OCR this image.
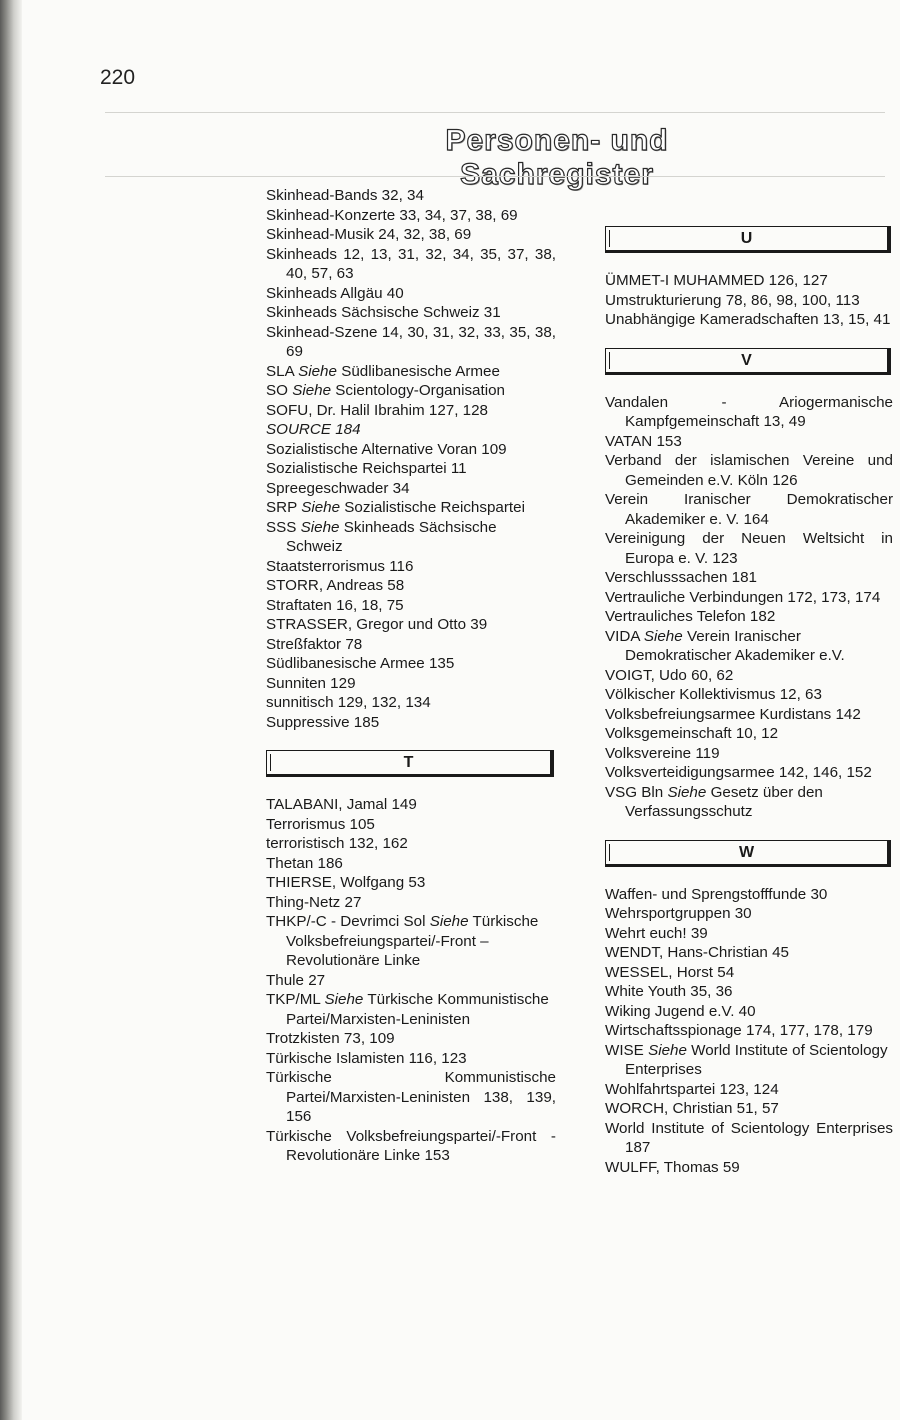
220
Personen- und Sachregister
Skinhead-Bands 32, 34
Skinhead-Konzerte 33, 34, 37, 38, 69
Skinhead-Musik 24, 32, 38, 69
Skinheads 12, 13, 31, 32, 34, 35, 37, 38, 40, 57, 63
Skinheads Allgäu 40
Skinheads Sächsische Schweiz 31
Skinhead-Szene 14, 30, 31, 32, 33, 35, 38, 69
SLA Siehe Südlibanesische Armee
SO Siehe Scientology-Organisation
SOFU, Dr. Halil Ibrahim 127, 128
SOURCE 184
Sozialistische Alternative Voran 109
Sozialistische Reichspartei 11
Spreegeschwader 34
SRP Siehe Sozialistische Reichspartei
SSS Siehe Skinheads Sächsische Schweiz
Staatsterrorismus 116
STORR, Andreas 58
Straftaten 16, 18, 75
STRASSER, Gregor und Otto 39
Streßfaktor 78
Südlibanesische Armee 135
Sunniten 129
sunnitisch 129, 132, 134
Suppressive 185
T
TALABANI, Jamal 149
Terrorismus 105
terroristisch 132, 162
Thetan 186
THIERSE, Wolfgang 53
Thing-Netz 27
THKP/-C - Devrimci Sol Siehe Türkische Volksbefreiungspartei/-Front – Revolutionäre Linke
Thule 27
TKP/ML Siehe Türkische Kommunistische Partei/Marxisten-Leninisten
Trotzkisten 73, 109
Türkische Islamisten 116, 123
Türkische Kommunistische Partei/Marxisten-Leninisten 138, 139, 156
Türkische Volksbefreiungspartei/-Front - Revolutionäre Linke 153
U
ÜMMET-I MUHAMMED 126, 127
Umstrukturierung 78, 86, 98, 100, 113
Unabhängige Kameradschaften 13, 15, 41
V
Vandalen - Ariogermanische Kampfgemeinschaft 13, 49
VATAN 153
Verband der islamischen Vereine und Gemeinden e.V. Köln 126
Verein Iranischer Demokratischer Akademiker e. V. 164
Vereinigung der Neuen Weltsicht in Europa e. V. 123
Verschlusssachen 181
Vertrauliche Verbindungen 172, 173, 174
Vertrauliches Telefon 182
VIDA Siehe Verein Iranischer Demokratischer Akademiker e.V.
VOIGT, Udo 60, 62
Völkischer Kollektivismus 12, 63
Volksbefreiungsarmee Kurdistans 142
Volksgemeinschaft 10, 12
Volksvereine 119
Volksverteidigungsarmee 142, 146, 152
VSG Bln Siehe Gesetz über den Verfassungsschutz
W
Waffen- und Sprengstofffunde 30
Wehrsportgruppen 30
Wehrt euch! 39
WENDT, Hans-Christian 45
WESSEL, Horst 54
White Youth 35, 36
Wiking Jugend e.V. 40
Wirtschaftsspionage 174, 177, 178, 179
WISE Siehe World Institute of Scientology Enterprises
Wohlfahrtspartei 123, 124
WORCH, Christian 51, 57
World Institute of Scientology Enterprises 187
WULFF, Thomas 59
